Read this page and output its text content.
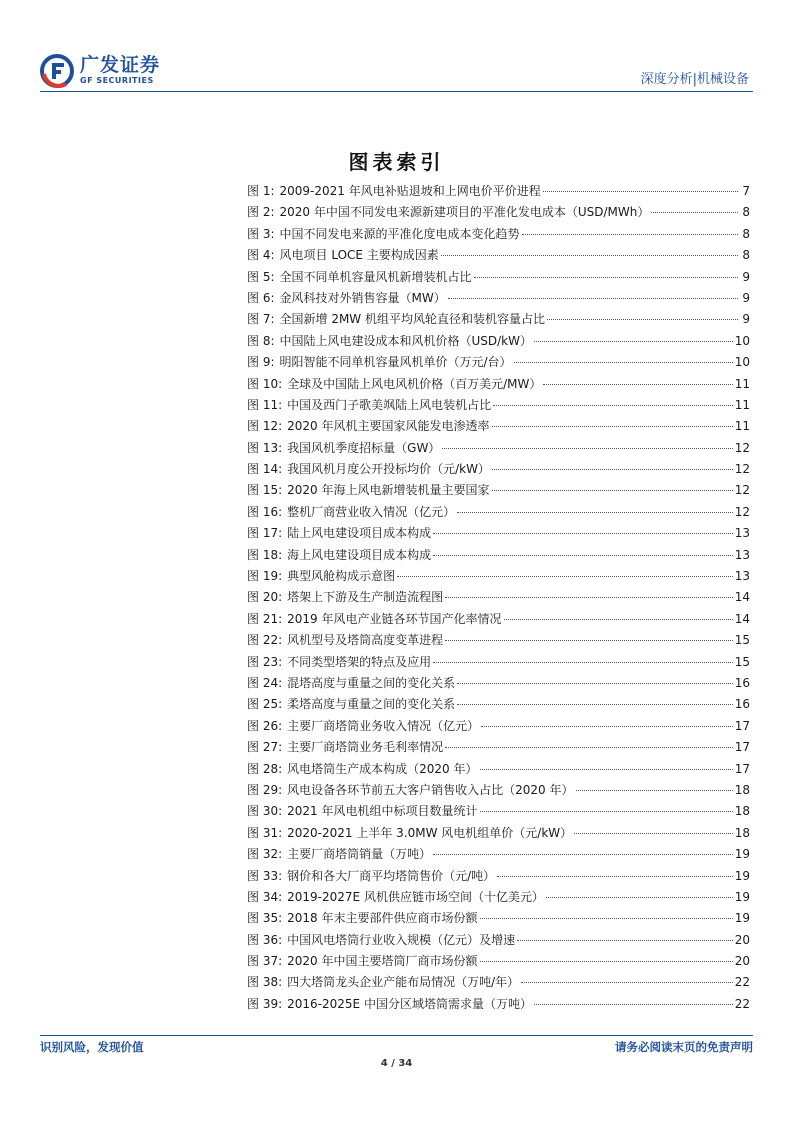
广发证券
GF SECURITIES	深度分析|机械设备
图表索引
图 1: 2009-2021 年风电补贴退坡和上网电价平价进程	7
图 2: 2020 年中国不同发电来源新建项目的平准化发电成本（USD/MWh）	8
图 3: 中国不同发电来源的平准化度电成本变化趋势	8
图 4: 风电项目 LOCE 主要构成因素	8
图 5: 全国不同单机容量风机新增装机占比	9
图 6: 金风科技对外销售容量（MW）	9
图 7: 全国新增 2MW 机组平均风轮直径和装机容量占比	9
图 8: 中国陆上风电建设成本和风机价格（USD/kW）	10
图 9: 明阳智能不同单机容量风机单价（万元/台）	10
图 10: 全球及中国陆上风电风机价格（百万美元/MW）	11
图 11: 中国及西门子歌美飒陆上风电装机占比	11
图 12: 2020 年风机主要国家风能发电渗透率	11
图 13: 我国风机季度招标量（GW）	12
图 14: 我国风机月度公开投标均价（元/kW）	12
图 15: 2020 年海上风电新增装机量主要国家	12
图 16: 整机厂商营业收入情况（亿元）	12
图 17: 陆上风电建设项目成本构成	13
图 18: 海上风电建设项目成本构成	13
图 19: 典型风舱构成示意图	13
图 20: 塔架上下游及生产制造流程图	14
图 21: 2019 年风电产业链各环节国产化率情况	14
图 22: 风机型号及塔筒高度变革进程	15
图 23: 不同类型塔架的特点及应用	15
图 24: 混塔高度与重量之间的变化关系	16
图 25: 柔塔高度与重量之间的变化关系	16
图 26: 主要厂商塔筒业务收入情况（亿元）	17
图 27: 主要厂商塔筒业务毛利率情况	17
图 28: 风电塔筒生产成本构成（2020 年）	17
图 29: 风电设备各环节前五大客户销售收入占比（2020 年）	18
图 30: 2021 年风电机组中标项目数量统计	18
图 31: 2020-2021 上半年 3.0MW 风电机组单价（元/kW）	18
图 32: 主要厂商塔筒销量（万吨）	19
图 33: 钢价和各大厂商平均塔筒售价（元/吨）	19
图 34: 2019-2027E 风机供应链市场空间（十亿美元）	19
图 35: 2018 年末主要部件供应商市场份额	19
图 36: 中国风电塔筒行业收入规模（亿元）及增速	20
图 37: 2020 年中国主要塔筒厂商市场份额	20
图 38: 四大塔筒龙头企业产能布局情况（万吨/年）	22
图 39: 2016-2025E 中国分区域塔筒需求量（万吨）	22
识别风险，发现价值	请务必阅读末页的免责声明
4 / 34
